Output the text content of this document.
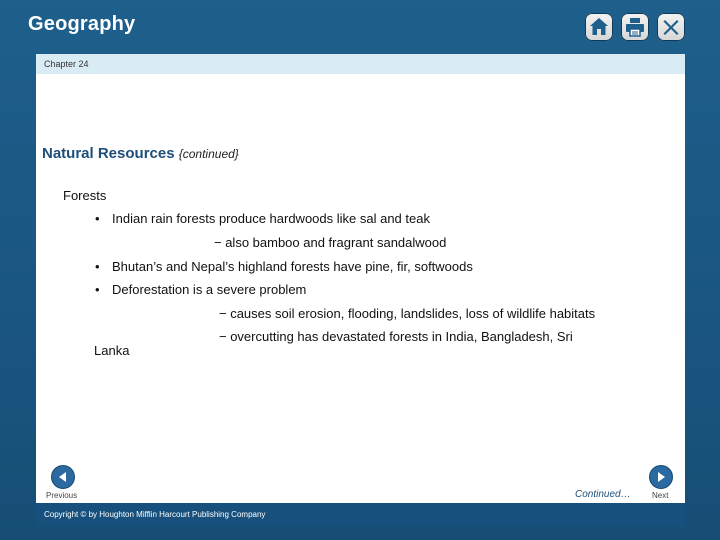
Geography
Chapter 24
Natural Resources {continued}
Forests
• Indian rain forests produce hardwoods like sal and teak
− also bamboo and fragrant sandalwood
• Bhutan’s and Nepal’s highland forests have pine, fir, softwoods
• Deforestation is a severe problem
− causes soil erosion, flooding, landslides, loss of wildlife habitats
− overcutting has devastated forests in India, Bangladesh, Sri
Lanka
Previous	Continued…	Next
Copyright © by Houghton Mifflin Harcourt Publishing Company
